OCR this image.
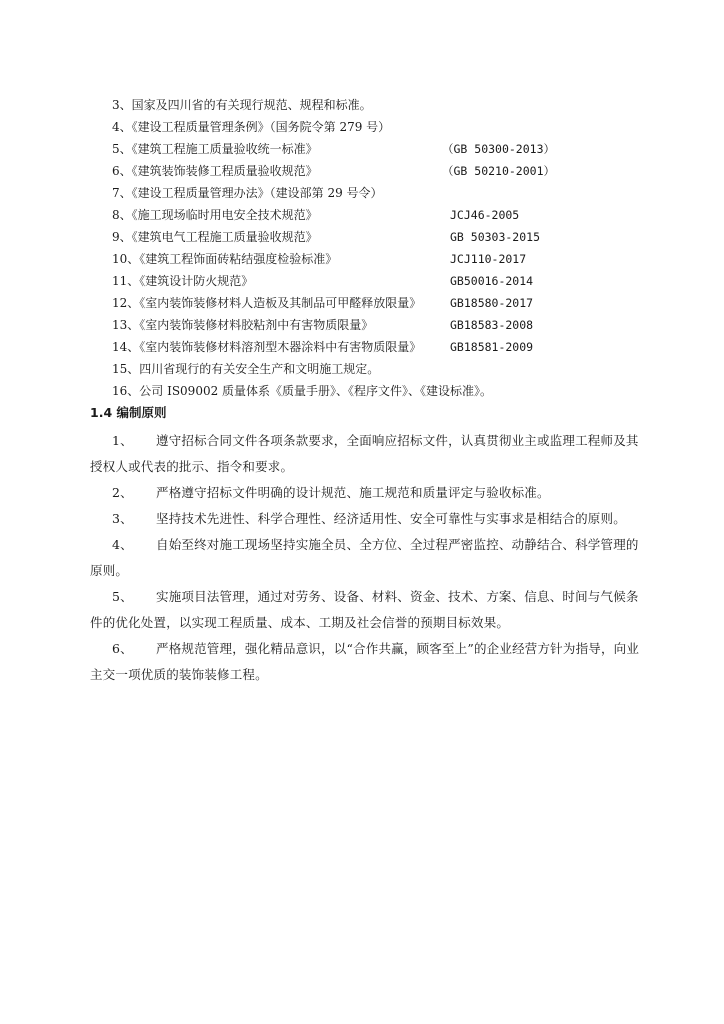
3、国家及四川省的有关现行规范、规程和标准。
4、《建设工程质量管理条例》（国务院令第 279 号）
5、《建筑工程施工质量验收统一标准》	（GB 50300-2013）
6、《建筑装饰装修工程质量验收规范》	（GB 50210-2001）
7、《建设工程质量管理办法》（建设部第 29 号令）
8、《施工现场临时用电安全技术规范》	JCJ46-2005
9、《建筑电气工程施工质量验收规范》	GB 50303-2015
10、《建筑工程饰面砖粘结强度检验标准》	JCJ110-2017
11、《建筑设计防火规范》	GB50016-2014
12、《室内装饰装修材料人造板及其制品可甲醛释放限量》 GB18580-2017
13、《室内装饰装修材料胶粘剂中有害物质限量》	GB18583-2008
14、《室内装饰装修材料溶剂型木器涂料中有害物质限量》 GB18581-2009
15、四川省现行的有关安全生产和文明施工规定。
16、公司 IS09002 质量体系《质量手册》、《程序文件》、《建设标准》。
1.4 编制原则

1、 遵守招标合同文件各项条款要求，全面响应招标文件，认真贯彻业主或监理工程师及其授权人或代表的批示、指令和要求。

2、 严格遵守招标文件明确的设计规范、施工规范和质量评定与验收标准。

3、 坚持技术先进性、科学合理性、经济适用性、安全可靠性与实事求是相结合的原则。

4、 自始至终对施工现场坚持实施全员、全方位、全过程严密监控、动静结合、科学管理的原则。

5、 实施项目法管理，通过对劳务、设备、材料、资金、技术、方案、信息、时间与气候条件的优化处置，以实现工程质量、成本、工期及社会信誉的预期目标效果。

6、 严格规范管理，强化精品意识，以“合作共赢，顾客至上”的企业经营方针为指导，向业主交一项优质的装饰装修工程。
